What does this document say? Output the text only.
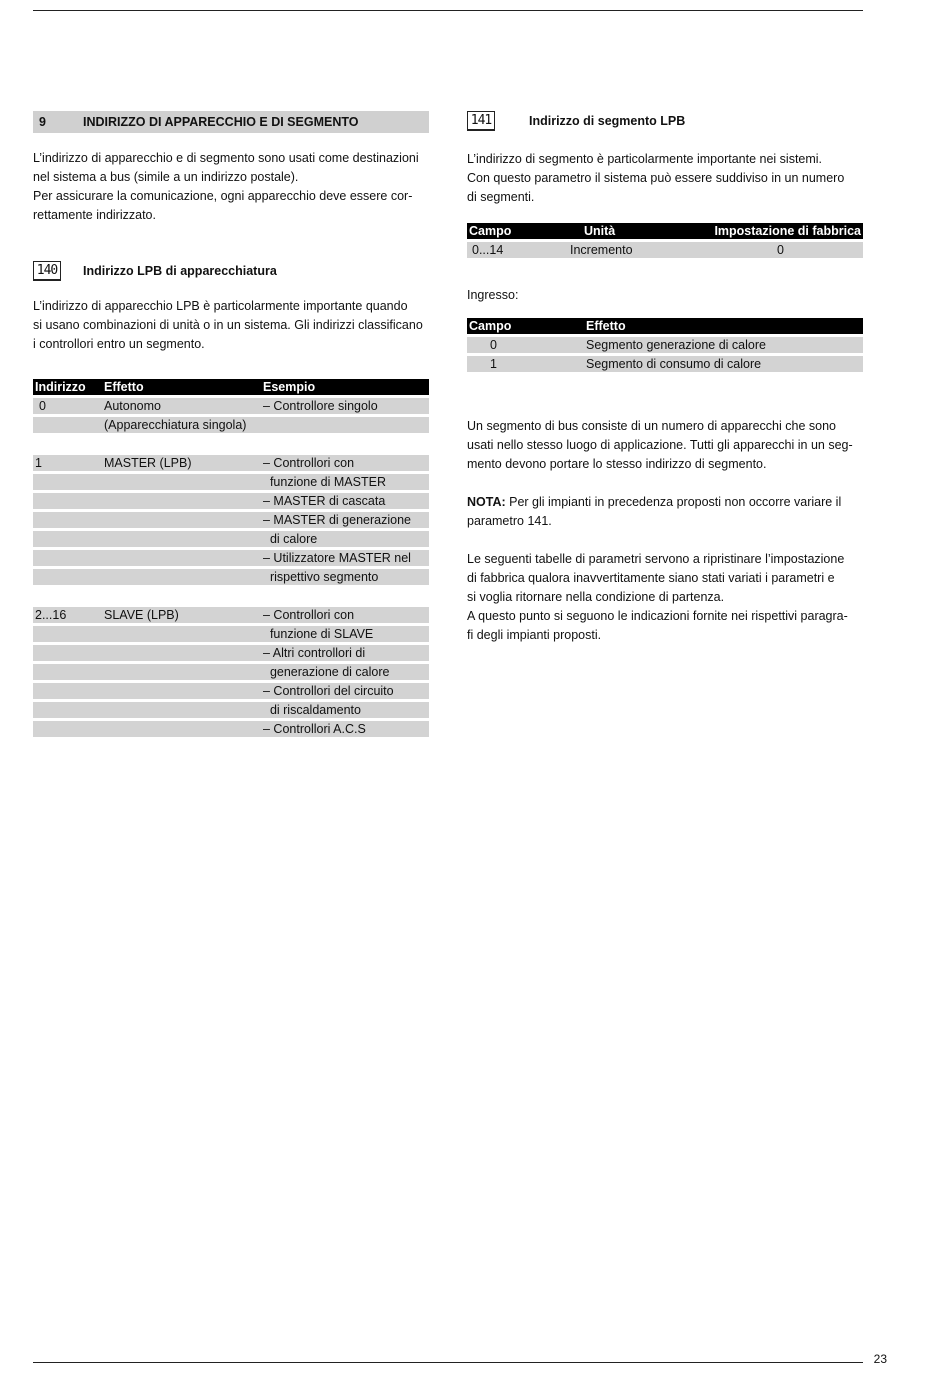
9	INDIRIZZO DI APPARECCHIO E DI SEGMENTO

L’indirizzo di apparecchio e di segmento sono usati come destinazioni

nel sistema a bus (simile a un indirizzo postale).

Per assicurare la comunicazione, ogni apparecchio deve essere cor-

rettamente indirizzato.

140	Indirizzo LPB di apparecchiatura

L’indirizzo di apparecchio LPB è particolarmente importante quando

si usano combinazioni di unità o in un sistema. Gli indirizzi classificano

i controllori entro un segmento.

Indirizzo	Effetto	Esempio
0	Autonomo	– Controllore singolo
	(Apparecchiatura singola)	

1	MASTER (LPB)	– Controllori con
		funzione di MASTER
		– MASTER di cascata
		– MASTER di generazione
		di calore
		– Utilizzatore MASTER nel
		rispettivo segmento

2...16	SLAVE (LPB)	– Controllori con
		funzione di SLAVE
		– Altri controllori di
		generazione di calore
		– Controllori del circuito
		di riscaldamento
		– Controllori A.C.S
141	Indirizzo di segmento LPB

L’indirizzo di segmento è particolarmente importante nei sistemi.

Con questo parametro il sistema può essere suddiviso in un numero

di segmenti.

Campo	Unità	Impostazione di fabbrica
0...14	Incremento	0

Ingresso:

Campo	Effetto
0	Segmento generazione di calore
1	Segmento di consumo di calore

Un segmento di bus consiste di un numero di apparecchi che sono

usati nello stesso luogo di applicazione. Tutti gli apparecchi in un seg-

mento devono portare lo stesso indirizzo di segmento.

NOTA: Per gli impianti in precedenza proposti non occorre variare il

parametro 141.

Le seguenti tabelle di parametri servono a ripristinare l’impostazione

di fabbrica qualora inavvertitamente siano stati variati i parametri e

si voglia ritornare nella condizione di partenza.

A questo punto si seguono le indicazioni fornite nei rispettivi paragra-

fi degli impianti proposti.

23
